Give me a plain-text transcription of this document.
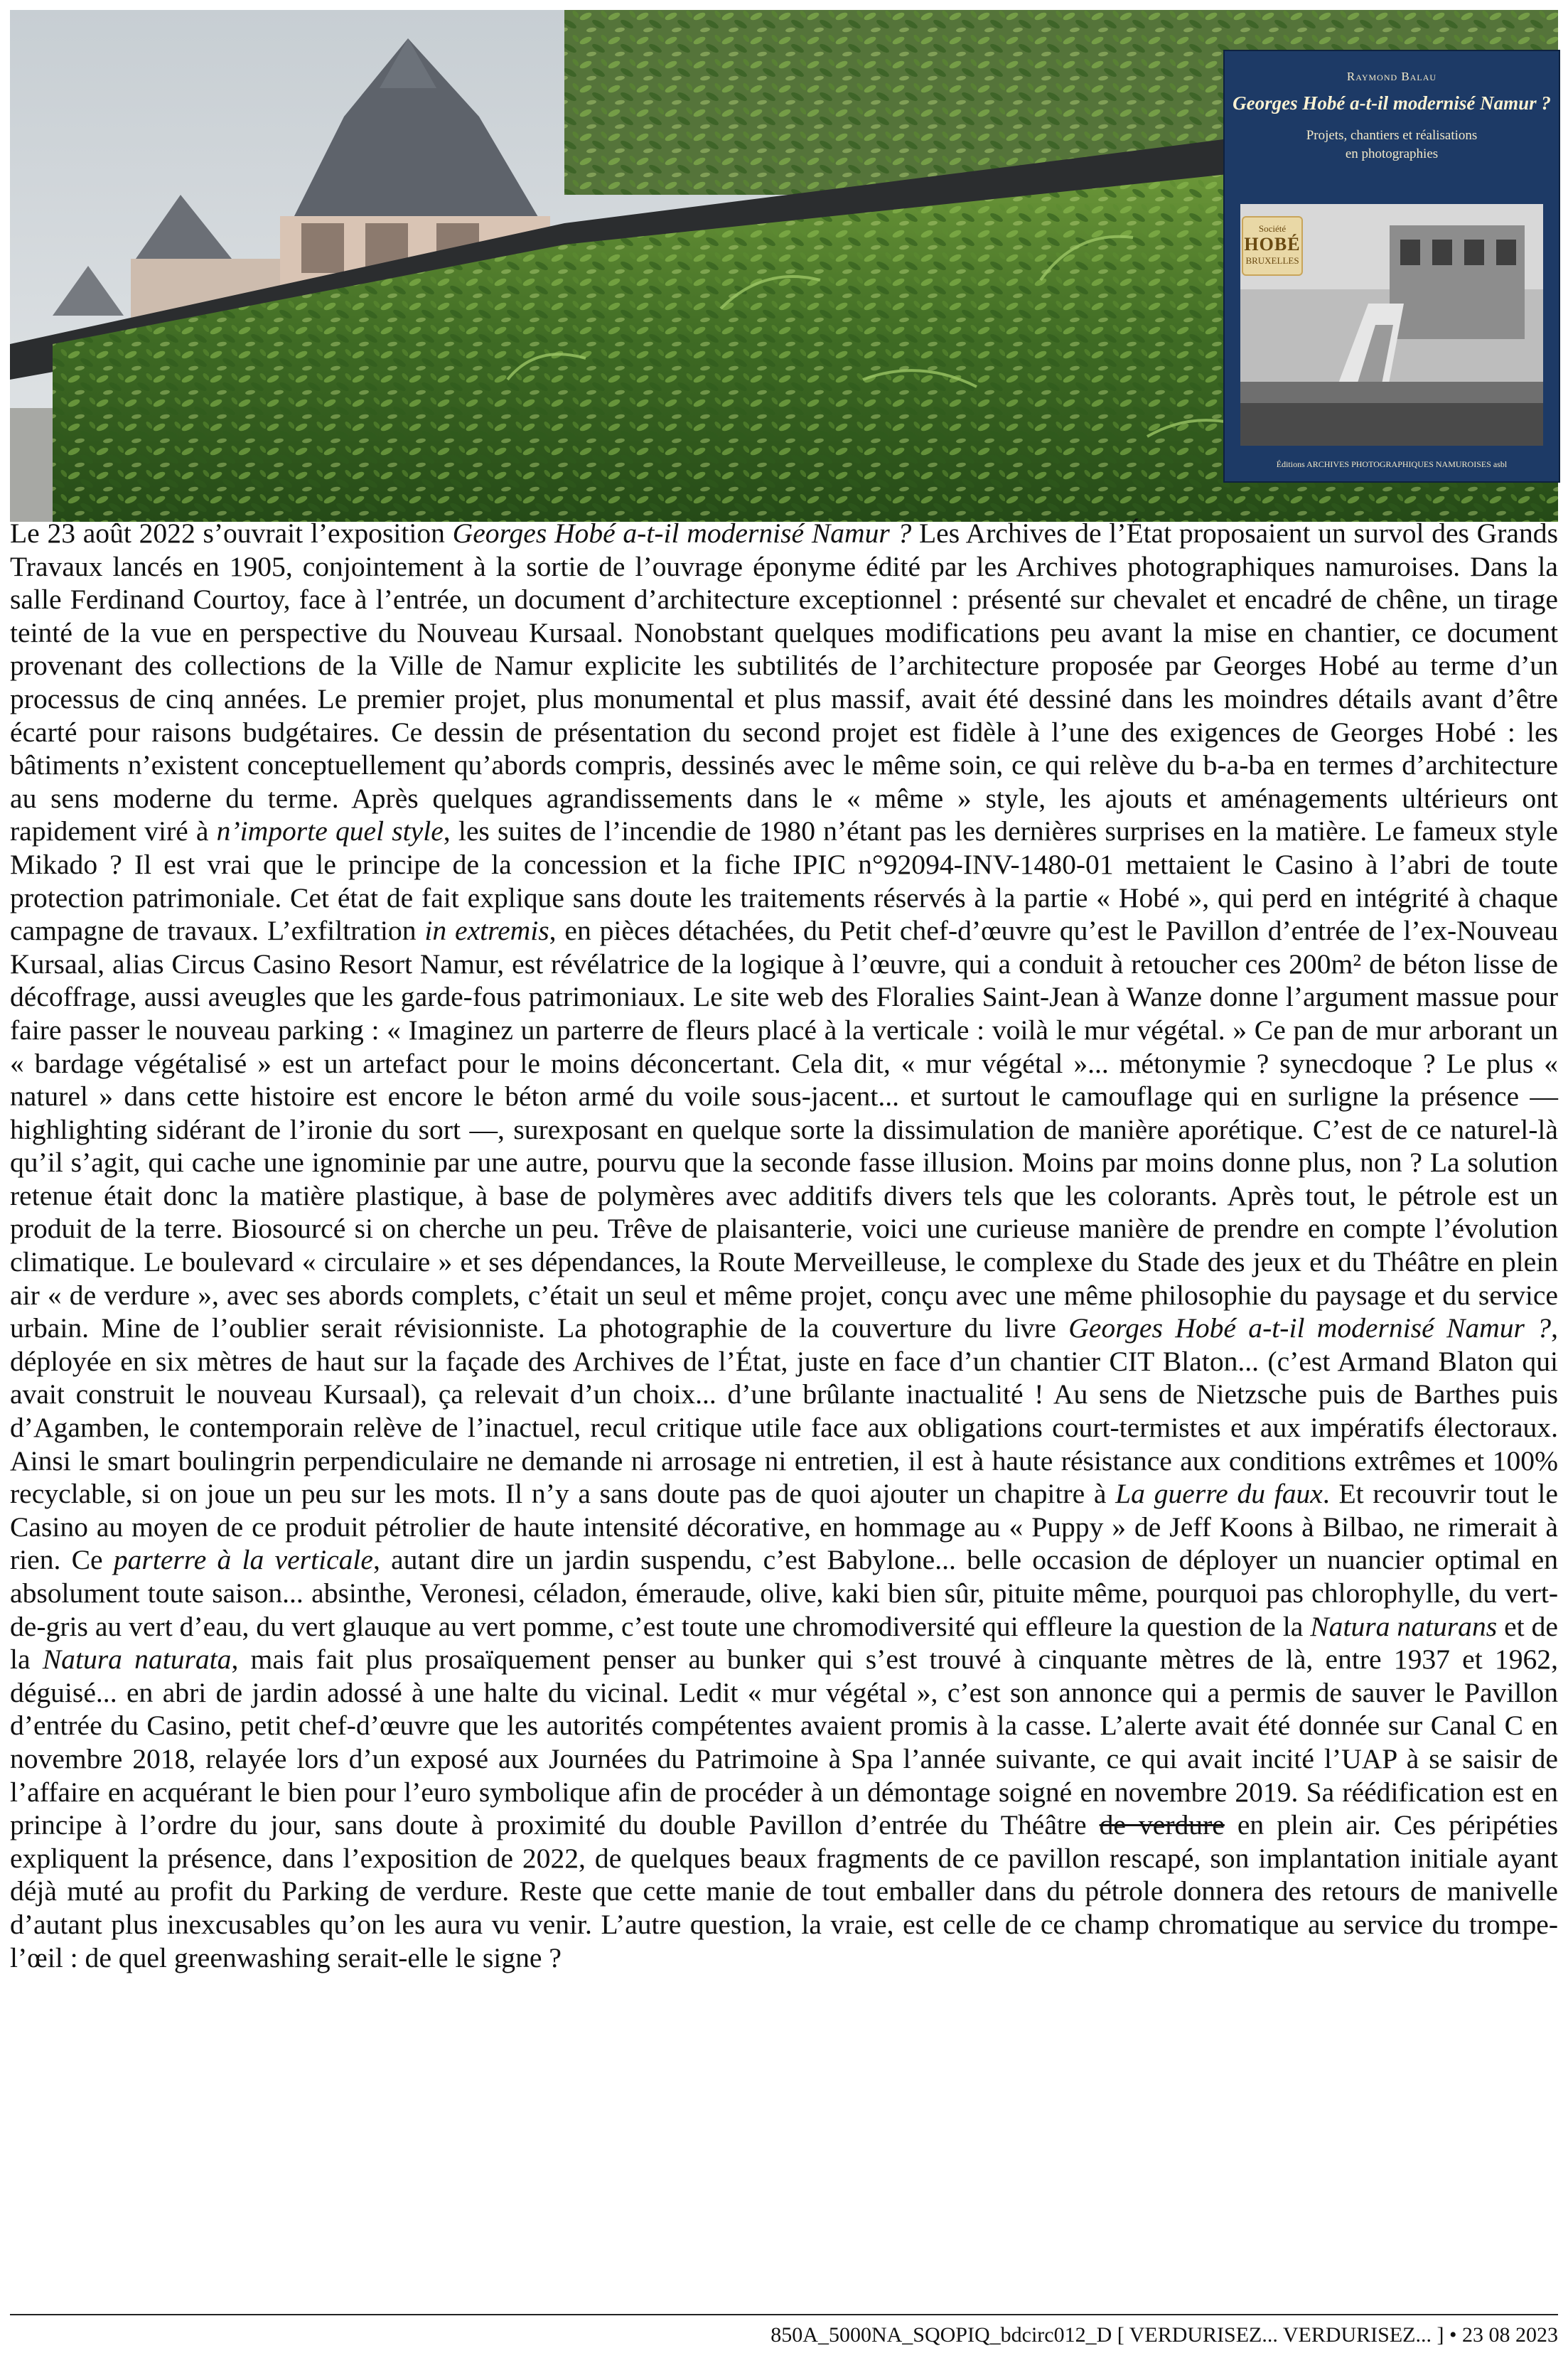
Raymond Balau
Georges Hobé a-t-il modernisé Namur ?
Projets, chantiers et réalisations
en photographies
Société
HOBÉ
BRUXELLES
Éditions ARCHIVES PHOTOGRAPHIQUES NAMUROISES asbl

Le 23 août 2022 s’ouvrait l’exposition Georges Hobé a-t-il modernisé Namur ? Les Archives de l’État proposaient un survol des Grands Travaux lancés en 1905, conjointement à la sortie de l’ouvrage éponyme édité par les Archives photographiques namuroises. Dans la salle Ferdinand Courtoy, face à l’entrée, un document d’architecture exceptionnel : présenté sur chevalet et encadré de chêne, un tirage teinté de la vue en perspective du Nouveau Kursaal. Nonobstant quelques modifications peu avant la mise en chantier, ce document provenant des collections de la Ville de Namur explicite les subtilités de l’architecture proposée par Georges Hobé au terme d’un processus de cinq années. Le premier projet, plus monumental et plus massif, avait été dessiné dans les moindres détails avant d’être écarté pour raisons budgétaires. Ce dessin de présentation du second projet est fidèle à l’une des exigences de Georges Hobé : les bâtiments n’existent conceptuellement qu’abords compris, dessinés avec le même soin, ce qui relève du b-a-ba en termes d’architecture au sens moderne du terme. Après quelques agrandissements dans le « même » style, les ajouts et aménagements ultérieurs ont rapidement viré à n’importe quel style, les suites de l’incendie de 1980 n’étant pas les dernières surprises en la matière. Le fameux style Mikado ? Il est vrai que le principe de la concession et la fiche IPIC n°92094-INV-1480-01 mettaient le Casino à l’abri de toute protection patrimoniale. Cet état de fait explique sans doute les traitements réservés à la partie « Hobé », qui perd en intégrité à chaque campagne de travaux. L’exfiltration in extremis, en pièces détachées, du Petit chef-d’œuvre qu’est le Pavillon d’entrée de l’ex-Nouveau Kursaal, alias Circus Casino Resort Namur, est révélatrice de la logique à l’œuvre, qui a conduit à retoucher ces 200m² de béton lisse de décoffrage, aussi aveugles que les garde-fous patrimoniaux. Le site web des Floralies Saint-Jean à Wanze donne l’argument massue pour faire passer le nouveau parking : « Imaginez un parterre de fleurs placé à la verticale : voilà le mur végétal. » Ce pan de mur arborant un « bardage végétalisé » est un artefact pour le moins déconcertant. Cela dit, « mur végétal »... métonymie ? synecdoque ? Le plus « naturel » dans cette histoire est encore le béton armé du voile sous-jacent... et surtout le camouflage qui en surligne la présence — highlighting sidérant de l’ironie du sort —, surexposant en quelque sorte la dissimulation de manière aporétique. C’est de ce naturel-là qu’il s’agit, qui cache une ignominie par une autre, pourvu que la seconde fasse illusion. Moins par moins donne plus, non ? La solution retenue était donc la matière plastique, à base de polymères avec additifs divers tels que les colorants. Après tout, le pétrole est un produit de la terre. Biosourcé si on cherche un peu. Trêve de plaisanterie, voici une curieuse manière de prendre en compte l’évolution climatique. Le boulevard « circulaire » et ses dépendances, la Route Merveilleuse, le complexe du Stade des jeux et du Théâtre en plein air « de verdure », avec ses abords complets, c’était un seul et même projet, conçu avec une même philosophie du paysage et du service urbain. Mine de l’oublier serait révisionniste. La photographie de la couverture du livre Georges Hobé a-t-il modernisé Namur ?, déployée en six mètres de haut sur la façade des Archives de l’État, juste en face d’un chantier CIT Blaton... (c’est Armand Blaton qui avait construit le nouveau Kursaal), ça relevait d’un choix... d’une brûlante inactualité ! Au sens de Nietzsche puis de Barthes puis d’Agamben, le contemporain relève de l’inactuel, recul critique utile face aux obligations court-termistes et aux impératifs électoraux. Ainsi le smart boulingrin perpendiculaire ne demande ni arrosage ni entretien, il est à haute résistance aux conditions extrêmes et 100% recyclable, si on joue un peu sur les mots. Il n’y a sans doute pas de quoi ajouter un chapitre à La guerre du faux. Et recouvrir tout le Casino au moyen de ce produit pétrolier de haute intensité décorative, en hommage au « Puppy » de Jeff Koons à Bilbao, ne rimerait à rien. Ce parterre à la verticale, autant dire un jardin suspendu, c’est Babylone... belle occasion de déployer un nuancier optimal en absolument toute saison... absinthe, Veronesi, céladon, émeraude, olive, kaki bien sûr, pituite même, pourquoi pas chlorophylle, du vert-de-gris au vert d’eau, du vert glauque au vert pomme, c’est toute une chromodiversité qui effleure la question de la Natura naturans et de la Natura naturata, mais fait plus prosaïquement penser au bunker qui s’est trouvé à cinquante mètres de là, entre 1937 et 1962, déguisé... en abri de jardin adossé à une halte du vicinal. Ledit « mur végétal », c’est son annonce qui a permis de sauver le Pavillon d’entrée du Casino, petit chef-d’œuvre que les autorités compétentes avaient promis à la casse. L’alerte avait été donnée sur Canal C en novembre 2018, relayée lors d’un exposé aux Journées du Patrimoine à Spa l’année suivante, ce qui avait incité l’UAP à se saisir de l’affaire en acquérant le bien pour l’euro symbolique afin de procéder à un démontage soigné en novembre 2019. Sa réédification est en principe à l’ordre du jour, sans doute à proximité du double Pavillon d’entrée du Théâtre de verdure en plein air. Ces péripéties expliquent la présence, dans l’exposition de 2022, de quelques beaux fragments de ce pavillon rescapé, son implantation initiale ayant déjà muté au profit du Parking de verdure. Reste que cette manie de tout emballer dans du pétrole donnera des retours de manivelle d’autant plus inexcusables qu’on les aura vu venir. L’autre question, la vraie, est celle de ce champ chromatique au service du trompe-l’œil : de quel greenwashing serait-elle le signe ?

850A_5000NA_SQOPIQ_bdcirc012_D [ VERDURISEZ... VERDURISEZ... ] • 23 08 2023
